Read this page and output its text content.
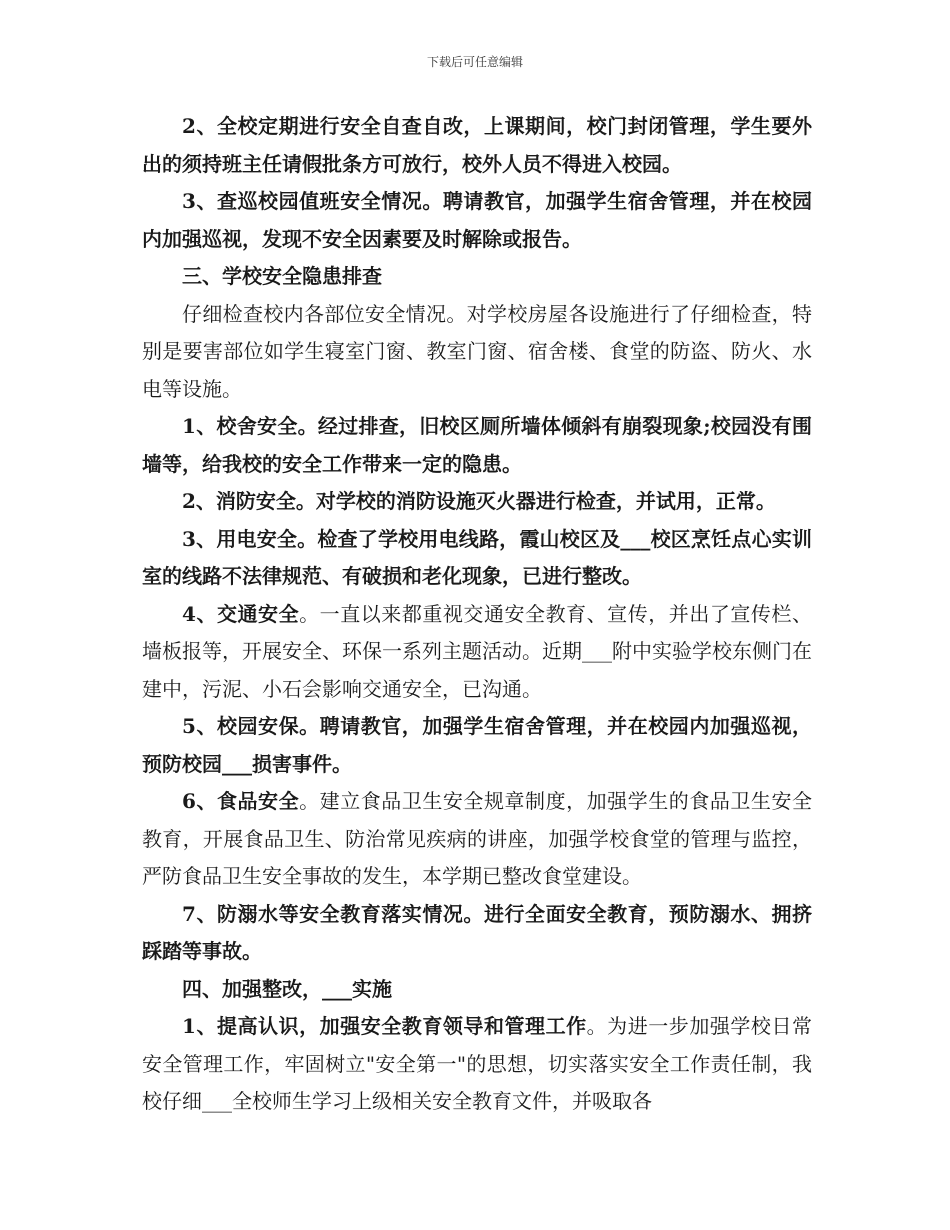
下载后可任意编辑

2、全校定期进行安全自查自改，上课期间，校门封闭管理，学生要外出的须持班主任请假批条方可放行，校外人员不得进入校园。

3、查巡校园值班安全情况。聘请教官，加强学生宿舍管理，并在校园内加强巡视，发现不安全因素要及时解除或报告。

三、学校安全隐患排查

仔细检查校内各部位安全情况。对学校房屋各设施进行了仔细检查，特别是要害部位如学生寝室门窗、教室门窗、宿舍楼、食堂的防盗、防火、水电等设施。

1、校舍安全。经过排查，旧校区厕所墙体倾斜有崩裂现象;校园没有围墙等，给我校的安全工作带来一定的隐患。

2、消防安全。对学校的消防设施灭火器进行检查，并试用，正常。

3、用电安全。检查了学校用电线路，霞山校区及___校区烹饪点心实训室的线路不法律规范、有破损和老化现象，已进行整改。

4、交通安全。一直以来都重视交通安全教育、宣传，并出了宣传栏、墙板报等，开展安全、环保一系列主题活动。近期___附中实验学校东侧门在建中，污泥、小石会影响交通安全，已沟通。

5、校园安保。聘请教官，加强学生宿舍管理，并在校园内加强巡视，预防校园___损害事件。

6、食品安全。建立食品卫生安全规章制度，加强学生的食品卫生安全教育，开展食品卫生、防治常见疾病的讲座，加强学校食堂的管理与监控，严防食品卫生安全事故的发生，本学期已整改食堂建设。

7、防溺水等安全教育落实情况。进行全面安全教育，预防溺水、拥挤踩踏等事故。

四、加强整改，___实施

1、提高认识，加强安全教育领导和管理工作。为进一步加强学校日常安全管理工作，牢固树立"安全第一"的思想，切实落实安全工作责任制，我校仔细___全校师生学习上级相关安全教育文件，并吸取各
